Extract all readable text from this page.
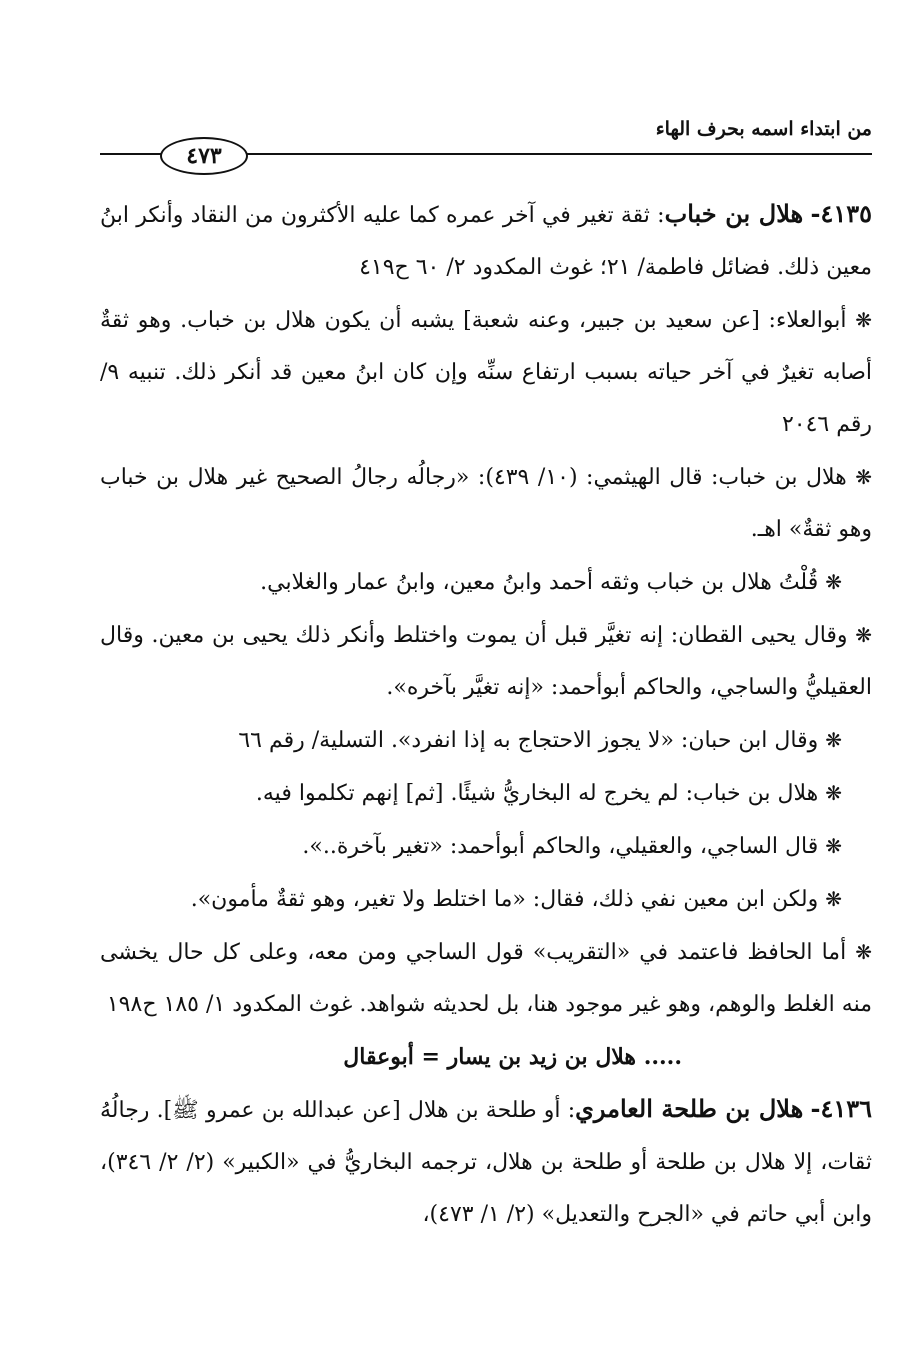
من ابتداء اسمه بحرف الهاء
٤٧٣

٤١٣٥- هلال بن خباب: ثقة تغير في آخر عمره كما عليه الأكثرون من النقاد وأنكر ابنُ معين ذلك. فضائل فاطمة/ ٢١؛ غوث المكدود ٢/ ٦٠ ح٤١٩

❋ أبوالعلاء: [عن سعيد بن جبير، وعنه شعبة] يشبه أن يكون هلال بن خباب. وهو ثقةٌ أصابه تغيرٌ في آخر حياته بسبب ارتفاع سنِّه وإن كان ابنُ معين قد أنكر ذلك. تنبيه ٩/ رقم ٢٠٤٦

❋ هلال بن خباب: قال الهيثمي: (١٠/ ٤٣٩): «رجالُه رجالُ الصحيح غير هلال بن خباب وهو ثقةٌ» اهـ.

❋ قُلْتُ هلال بن خباب وثقه أحمد وابنُ معين، وابنُ عمار والغلابي.

❋ وقال يحيى القطان: إنه تغيَّر قبل أن يموت واختلط وأنكر ذلك يحيى بن معين. وقال العقيليُّ والساجي، والحاكم أبوأحمد: «إنه تغيَّر بآخره».

❋ وقال ابن حبان: «لا يجوز الاحتجاج به إذا انفرد». التسلية/ رقم ٦٦

❋ هلال بن خباب: لم يخرج له البخاريُّ شيئًا. [ثم] إنهم تكلموا فيه.

❋ قال الساجي، والعقيلي، والحاكم أبوأحمد: «تغير بآخرة..».

❋ ولكن ابن معين نفي ذلك، فقال: «ما اختلط ولا تغير، وهو ثقةٌ مأمون».

❋ أما الحافظ فاعتمد في «التقريب» قول الساجي ومن معه، وعلى كل حال يخشى منه الغلط والوهم، وهو غير موجود هنا، بل لحديثه شواهد. غوث المكدود ١/ ١٨٥ ح١٩٨

..... هلال بن زيد بن يسار = أبوعقال

٤١٣٦- هلال بن طلحة العامري: أو طلحة بن هلال [عن عبدالله بن عمرو ﷺ]. رجالُهُ ثقات، إلا هلال بن طلحة أو طلحة بن هلال، ترجمه البخاريُّ في «الكبير» (٢/ ٢/ ٣٤٦)، وابن أبي حاتم في «الجرح والتعديل» (٢/ ١/ ٤٧٣)،
